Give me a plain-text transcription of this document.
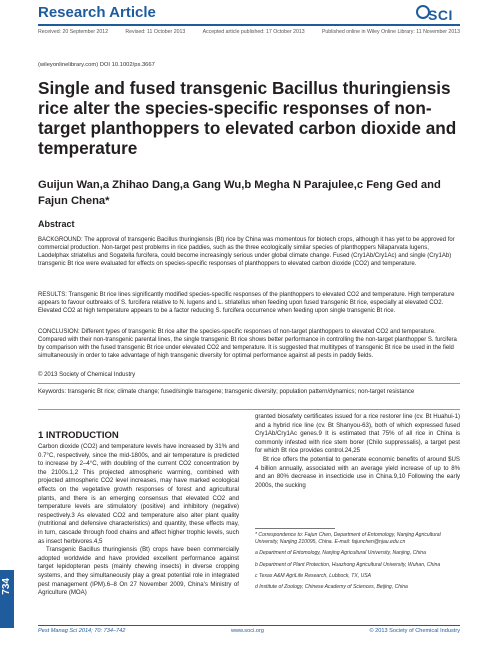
Research Article	SCI
Received: 20 September 2012	Revised: 11 October 2013	Accepted article published: 17 October 2013	Published online in Wiley Online Library: 11 November 2013
(wileyonlinelibrary.com) DOI 10.1002/ps.3667
Single and fused transgenic Bacillus thuringiensis rice alter the species-specific responses of non-target planthoppers to elevated carbon dioxide and temperature
Guijun Wan,a Zhihao Dang,a Gang Wu,b Megha N Parajulee,c Feng Ged and Fajun Chena*
Abstract
BACKGROUND: The approval of transgenic Bacillus thuringiensis (Bt) rice by China was momentous for biotech crops, although it has yet to be approved for commercial production. Non-target pest problems in rice paddies, such as the three ecologically similar species of planthoppers Nilaparvata lugens, Laodelphax striatellus and Sogatella furcifera, could become increasingly serious under global climate change. Fused (Cry1Ab/Cry1Ac) and single (Cry1Ab) transgenic Bt rice were evaluated for effects on species-specific responses of planthoppers to elevated carbon dioxide (CO2) and temperature.
RESULTS: Transgenic Bt rice lines significantly modified species-specific responses of the planthoppers to elevated CO2 and temperature. High temperature appears to favour outbreaks of S. furcifera relative to N. lugens and L. striatellus when feeding upon fused transgenic Bt rice, especially at elevated CO2. Elevated CO2 at high temperature appears to be a factor reducing S. furcifera occurrence when feeding upon single transgenic Bt rice.
CONCLUSION: Different types of transgenic Bt rice alter the species-specific responses of non-target planthoppers to elevated CO2 and temperature. Compared with their non-transgenic parental lines, the single transgenic Bt rice shows better performance in controlling the non-target planthopper S. furcifera by comparison with the fused transgenic Bt rice under elevated CO2 and temperature. It is suggested that multitypes of transgenic Bt rice be used in the field simultaneously in order to take advantage of high transgenic diversity for optimal performance against all pests in paddy fields.
© 2013 Society of Chemical Industry
Keywords: transgenic Bt rice; climate change; fused/single transgene; transgenic diversity; population pattern/dynamics; non-target resistance
1 INTRODUCTION
Carbon dioxide (CO2) and temperature levels have increased by 31% and 0.7°C, respectively, since the mid-1800s, and air temperature is predicted to increase by 2–4°C, with doubling of the current CO2 concentration by the 2100s.1,2 This projected atmospheric warming, combined with projected atmospheric CO2 level increases, may have marked ecological effects on the vegetative growth responses of forest and agricultural plants, and there is an emerging consensus that elevated CO2 and temperature levels are stimulatory (positive) and inhibitory (negative) respectively.3 As elevated CO2 and temperature also alter plant quality (nutritional and defensive characteristics) and quantity, these effects may, in turn, cascade through food chains and affect higher trophic levels, such as insect herbivores.4,5
Transgenic Bacillus thuringiensis (Bt) crops have been commercially adopted worldwide and have provided excellent performance against target lepidopteran pests (mainly chewing insects) in diverse cropping systems, and they simultaneously play a great potential role in integrated pest management (IPM).6–8 On 27 November 2009, China's Ministry of Agriculture (MOA)
granted biosafety certificates issued for a rice restorer line (cv. Bt Huahui-1) and a hybrid rice line (cv. Bt Shanyou-63), both of which expressed fused Cry1Ab/Cry1Ac genes.9 It is estimated that 75% of all rice in China is commonly infested with rice stem borer (Chilo suppressalis), a target pest for which Bt rice provides control.24,25
Bt rice offers the potential to generate economic benefits of around $US 4 billion annually, associated with an average yield increase of up to 8% and an 80% decrease in insecticide use in China.9,10 Following the early 2000s, the sucking
* Correspondence to: Fajun Chen, Department of Entomology, Nanjing Agricultural University, Nanjing 210095, China. E-mail: fajunchen@njau.edu.cn
a Department of Entomology, Nanjing Agricultural University, Nanjing, China
b Department of Plant Protection, Huazhong Agricultural University, Wuhan, China
c Texas A&M AgriLife Research, Lubbock, TX, USA
d Institute of Zoology, Chinese Academy of Sciences, Beijing, China
734
Pest Manag Sci 2014; 70: 734–742	www.soci.org	© 2013 Society of Chemical Industry
